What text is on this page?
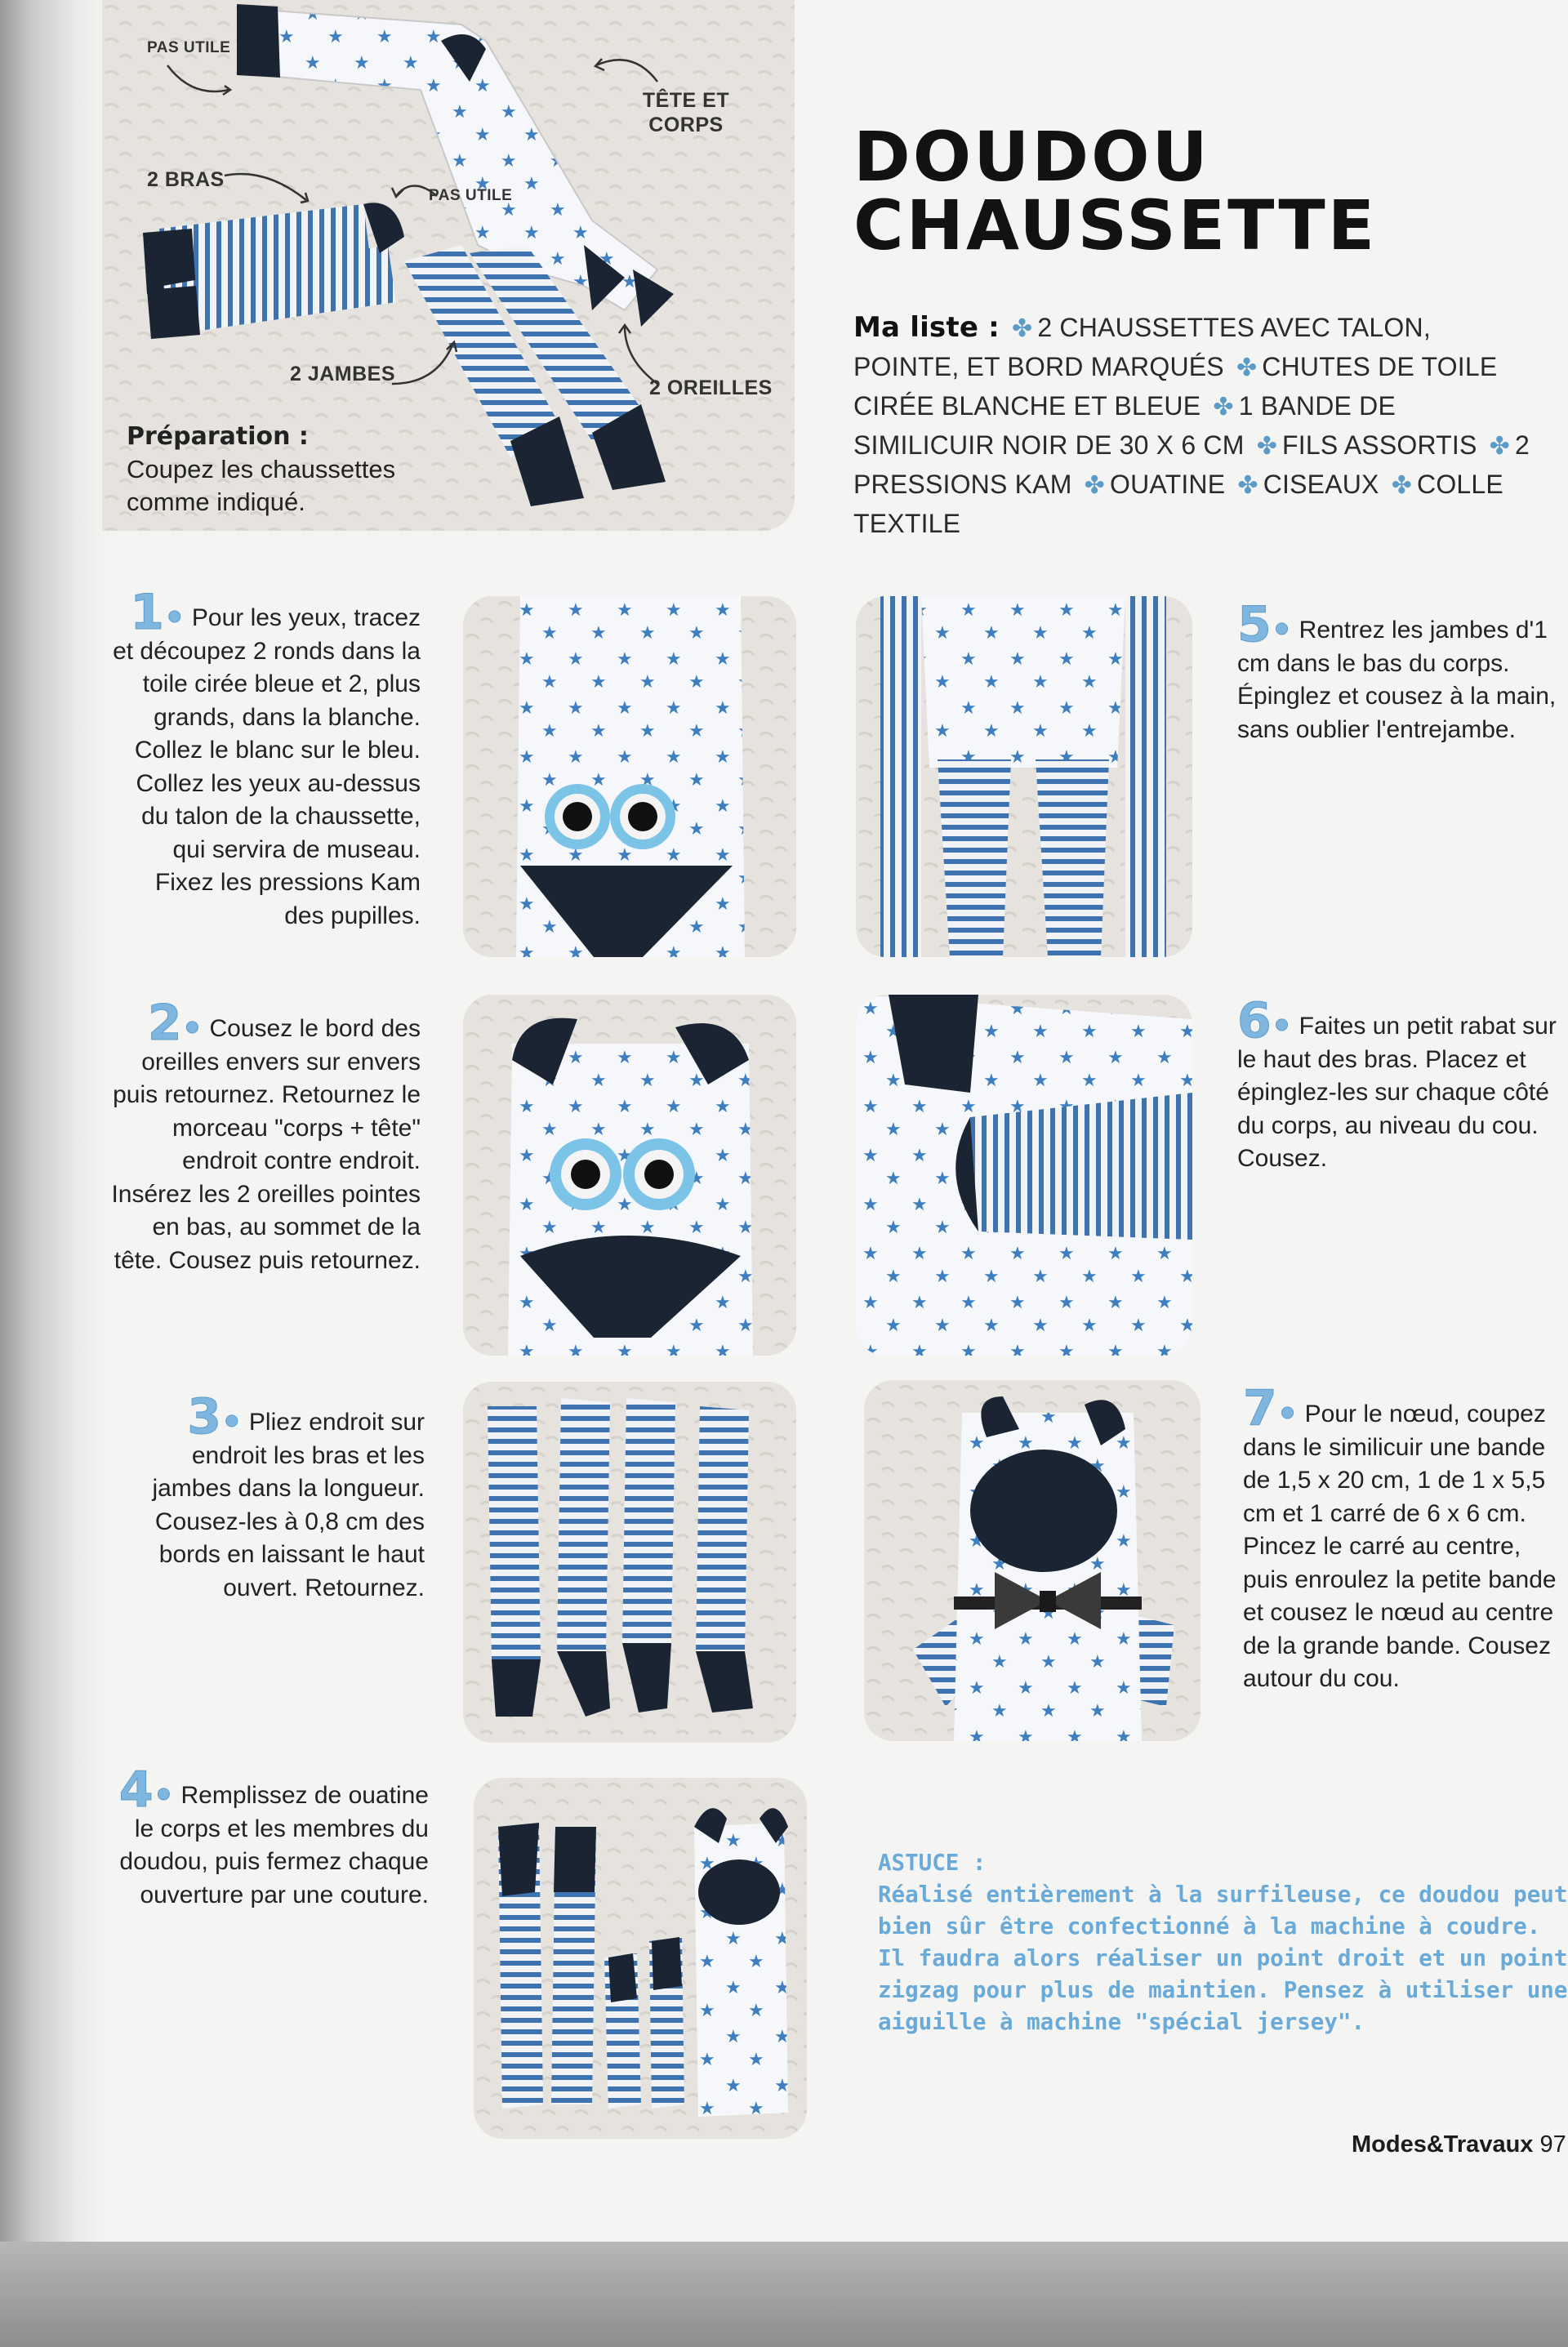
PAS UTILE
TÊTE ET
CORPS
2 BRAS
PAS UTILE
2 JAMBES
2 OREILLES
Préparation :
Coupez les chaussettes comme indiqué.
DOUDOU
CHAUSSETTE
Ma liste : ✤ 2 CHAUSSETTES AVEC TALON, POINTE, ET BORD MARQUÉS ✤ CHUTES DE TOILE CIRÉE BLANCHE ET BLEUE ✤ 1 BANDE DE SIMILICUIR NOIR DE 30 X 6 CM ✤ FILS ASSORTIS ✤ 2 PRESSIONS KAM ✤ OUATINE ✤ CISEAUX ✤ COLLE TEXTILE
1• Pour les yeux, tracez et découpez 2 ronds dans la toile cirée bleue et 2, plus grands, dans la blanche. Collez le blanc sur le bleu. Collez les yeux au-dessus du talon de la chaussette, qui servira de museau. Fixez les pressions Kam des pupilles.
2• Cousez le bord des oreilles envers sur envers puis retournez. Retournez le morceau "corps + tête" endroit contre endroit. Insérez les 2 oreilles pointes en bas, au sommet de la tête. Cousez puis retournez.
3• Pliez endroit sur endroit les bras et les jambes dans la longueur. Cousez-les à 0,8 cm des bords en laissant le haut ouvert. Retournez.
4• Remplissez de ouatine le corps et les membres du doudou, puis fermez chaque ouverture par une couture.
5• Rentrez les jambes d'1 cm dans le bas du corps. Épinglez et cousez à la main, sans oublier l'entrejambe.
6• Faites un petit rabat sur le haut des bras. Placez et épinglez-les sur chaque côté du corps, au niveau du cou. Cousez.
7• Pour le nœud, coupez dans le similicuir une bande de 1,5 x 20 cm, 1 de 1 x 5,5 cm et 1 carré de 6 x 6 cm. Pincez le carré au centre, puis enroulez la petite bande et cousez le nœud au centre de la grande bande. Cousez autour du cou.
ASTUCE :
Réalisé entièrement à la surfileuse, ce doudou peut bien sûr être confectionné à la machine à coudre. Il faudra alors réaliser un point droit et un point zigzag pour plus de maintien. Pensez à utiliser une aiguille à machine "spécial jersey".
Modes&Travaux 97
